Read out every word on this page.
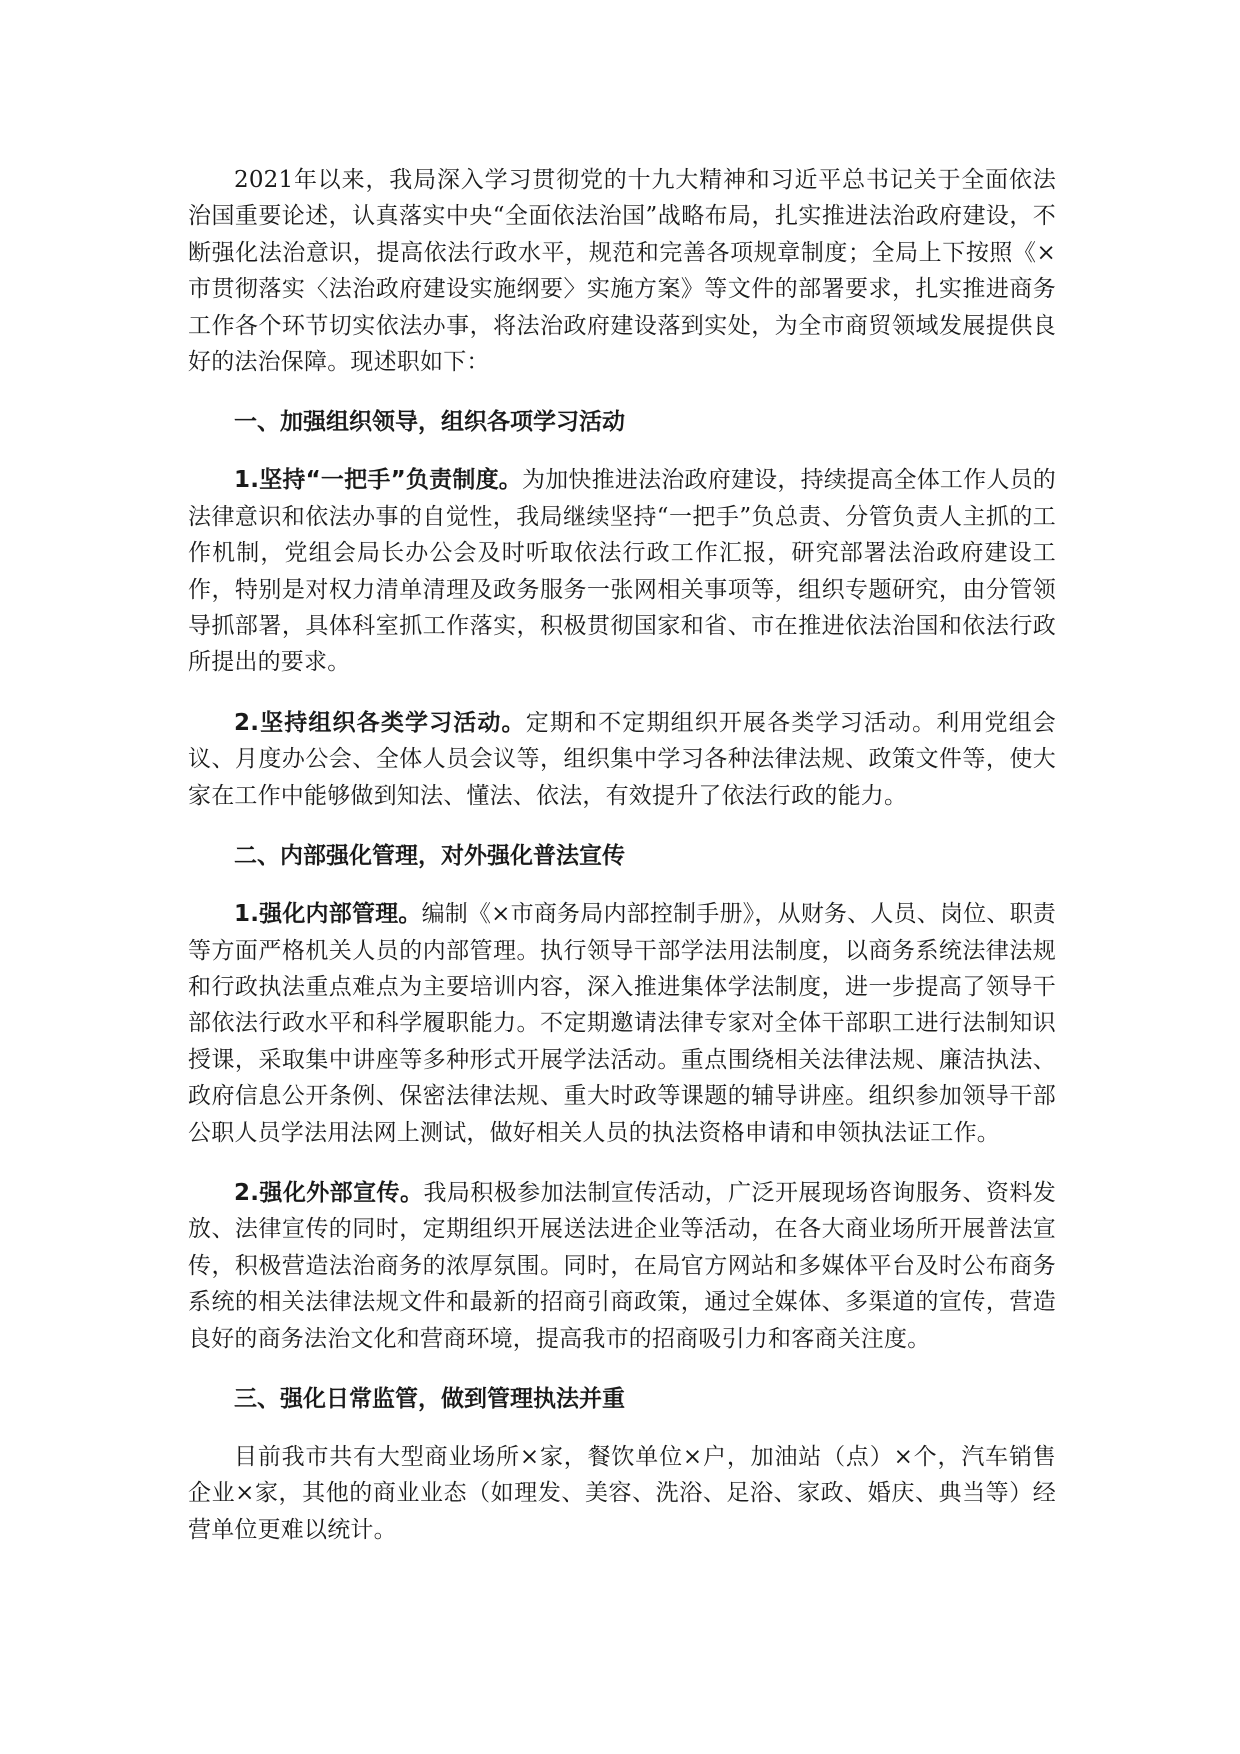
2021年以来，我局深入学习贯彻党的十九大精神和习近平总书记关于全面依法治国重要论述，认真落实中央“全面依法治国”战略布局，扎实推进法治政府建设，不断强化法治意识，提高依法行政水平，规范和完善各项规章制度；全局上下按照《×市贯彻落实〈法治政府建设实施纲要〉实施方案》等文件的部署要求，扎实推进商务工作各个环节切实依法办事，将法治政府建设落到实处，为全市商贸领域发展提供良好的法治保障。现述职如下：

一、加强组织领导，组织各项学习活动

1.坚持“一把手”负责制度。为加快推进法治政府建设，持续提高全体工作人员的法律意识和依法办事的自觉性，我局继续坚持“一把手”负总责、分管负责人主抓的工作机制，党组会局长办公会及时听取依法行政工作汇报，研究部署法治政府建设工作，特别是对权力清单清理及政务服务一张网相关事项等，组织专题研究，由分管领导抓部署，具体科室抓工作落实，积极贯彻国家和省、市在推进依法治国和依法行政所提出的要求。

2.坚持组织各类学习活动。定期和不定期组织开展各类学习活动。利用党组会议、月度办公会、全体人员会议等，组织集中学习各种法律法规、政策文件等，使大家在工作中能够做到知法、懂法、依法，有效提升了依法行政的能力。

二、内部强化管理，对外强化普法宣传

1.强化内部管理。编制《×市商务局内部控制手册》，从财务、人员、岗位、职责等方面严格机关人员的内部管理。执行领导干部学法用法制度，以商务系统法律法规和行政执法重点难点为主要培训内容，深入推进集体学法制度，进一步提高了领导干部依法行政水平和科学履职能力。不定期邀请法律专家对全体干部职工进行法制知识授课，采取集中讲座等多种形式开展学法活动。重点围绕相关法律法规、廉洁执法、政府信息公开条例、保密法律法规、重大时政等课题的辅导讲座。组织参加领导干部公职人员学法用法网上测试，做好相关人员的执法资格申请和申领执法证工作。

2.强化外部宣传。我局积极参加法制宣传活动，广泛开展现场咨询服务、资料发放、法律宣传的同时，定期组织开展送法进企业等活动，在各大商业场所开展普法宣传，积极营造法治商务的浓厚氛围。同时，在局官方网站和多媒体平台及时公布商务系统的相关法律法规文件和最新的招商引商政策，通过全媒体、多渠道的宣传，营造良好的商务法治文化和营商环境，提高我市的招商吸引力和客商关注度。

三、强化日常监管，做到管理执法并重

目前我市共有大型商业场所×家，餐饮单位×户，加油站（点）×个，汽车销售企业×家，其他的商业业态（如理发、美容、洗浴、足浴、家政、婚庆、典当等）经营单位更难以统计。
